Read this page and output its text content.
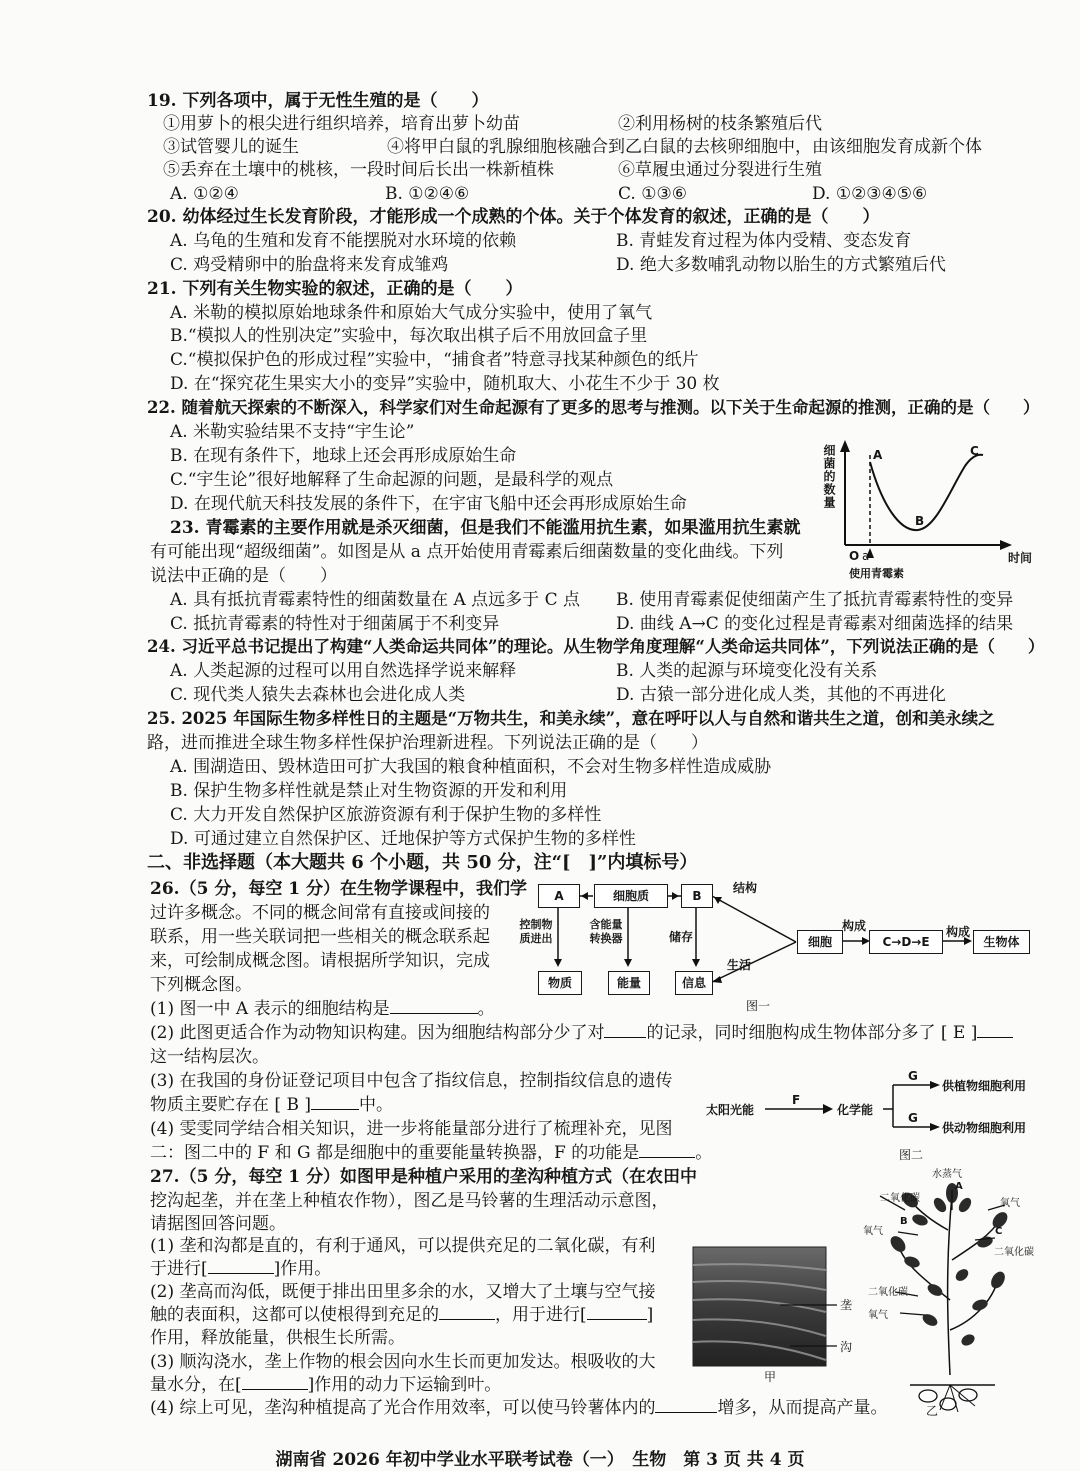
19. 下列各项中，属于无性生殖的是（　　）
①用萝卜的根尖进行组织培养，培育出萝卜幼苗	②利用杨树的枝条繁殖后代
③试管婴儿的诞生	④将甲白鼠的乳腺细胞核融合到乙白鼠的去核卵细胞中，由该细胞发育成新个体
⑤丢弃在土壤中的桃核，一段时间后长出一株新植株	⑥草履虫通过分裂进行生殖
A. ①②④	B. ①②④⑥	C. ①③⑥	D. ①②③④⑤⑥
20. 幼体经过生长发育阶段，才能形成一个成熟的个体。关于个体发育的叙述，正确的是（　　）
A. 乌龟的生殖和发育不能摆脱对水环境的依赖	B. 青蛙发育过程为体内受精、变态发育
C. 鸡受精卵中的胎盘将来发育成雏鸡	D. 绝大多数哺乳动物以胎生的方式繁殖后代
21. 下列有关生物实验的叙述，正确的是（　　）
A. 米勒的模拟原始地球条件和原始大气成分实验中，使用了氧气
B.“模拟人的性别决定”实验中，每次取出棋子后不用放回盒子里
C.“模拟保护色的形成过程”实验中，“捕食者”特意寻找某种颜色的纸片
D. 在“探究花生果实大小的变异”实验中，随机取大、小花生不少于 30 枚
22. 随着航天探索的不断深入，科学家们对生命起源有了更多的思考与推测。以下关于生命起源的推测，正确的是（　　）
A. 米勒实验结果不支持“宇生论”
B. 在现有条件下，地球上还会再形成原始生命
C.“宇生论”很好地解释了生命起源的问题，是最科学的观点
D. 在现代航天科技发展的条件下，在宇宙飞船中还会再形成原始生命
23. 青霉素的主要作用就是杀灭细菌，但是我们不能滥用抗生素，如果滥用抗生素就
有可能出现“超级细菌”。如图是从 a 点开始使用青霉素后细菌数量的变化曲线。下列
说法中正确的是（　　）
A. 具有抵抗青霉素特性的细菌数量在 A 点远多于 C 点 B. 使用青霉素促使细菌产生了抵抗青霉素特性的变异
C. 抵抗青霉素的特性对于细菌属于不利变异	D. 曲线 A→C 的变化过程是青霉素对细菌选择的结果
细菌的数量
时间
O a
A
B
C
使用青霉素
24. 习近平总书记提出了构建“人类命运共同体”的理论。从生物学角度理解“人类命运共同体”，下列说法正确的是（　　）
A. 人类起源的过程可以用自然选择学说来解释	B. 人类的起源与环境变化没有关系
C. 现代类人猿失去森林也会进化成人类	D. 古猿一部分进化成人类，其他的不再进化
25. 2025 年国际生物多样性日的主题是“万物共生，和美永续”，意在呼吁以人与自然和谐共生之道，创和美永续之
路，进而推进全球生物多样性保护治理新进程。下列说法正确的是（　　）
A. 围湖造田、毁林造田可扩大我国的粮食种植面积，不会对生物多样性造成威胁
B. 保护生物多样性就是禁止对生物资源的开发和利用
C. 大力开发自然保护区旅游资源有利于保护生物的多样性
D. 可通过建立自然保护区、迁地保护等方式保护生物的多样性
二、非选择题（本大题共 6 个小题，共 50 分，注“[　]”内填标号）
26.（5 分，每空 1 分）在生物学课程中，我们学
过许多概念。不同的概念间常有直接或间接的
联系，用一些关联词把一些相关的概念联系起
来，可绘制成概念图。请根据所学知识，完成
下列概念图。
(1) 图一中 A 表示的细胞结构是	。
(2) 此图更适合作为动物知识构建。因为细胞结构部分少了对 的记录，同时细胞构成生物体部分多了 [ E ]
这一结构层次。
(3) 在我国的身份证登记项目中包含了指纹信息，控制指纹信息的遗传
物质主要贮存在 [ B ]	中。
(4) 雯雯同学结合相关知识，进一步将能量部分进行了梳理补充，见图
二：图二中的 F 和 G 都是细胞中的重要能量转换器，F 的功能是	。
A	细胞质	B
结构
控制物质进出
含能量转换器	储存	细胞
构成
C→D→E
构成
生物体
生活
物质	能量	信息
图一
太阳光能
F
化学能
G
G
供植物细胞利用
供动物细胞利用
图二
27.（5 分，每空 1 分）如图甲是种植户采用的垄沟种植方式（在农田中
挖沟起垄，并在垄上种植农作物），图乙是马铃薯的生理活动示意图，
请据图回答问题。
(1) 垄和沟都是直的，有利于通风，可以提供充足的二氧化碳，有利
于进行[	]作用。
(2) 垄高而沟低，既便于排出田里多余的水，又增大了土壤与空气接
触的表面积，这都可以使根得到充足的	，用于进行[	]
作用，释放能量，供根生长所需。
(3) 顺沟浇水，垄上作物的根会因向水生长而更加发达。根吸收的大
量水分，在[	]作用的动力下运输到叶。
(4) 综上可见，垄沟种植提高了光合作用效率，可以使马铃薯体内的	增多，从而提高产量。
垄
沟
甲
水蒸气
A
二氧化碳	氧气
B
氧气	C
二氧化碳
二氧化碳
氧气
乙
湖南省 2026 年初中学业水平联考试卷（一）　生物　第 3 页 共 4 页
